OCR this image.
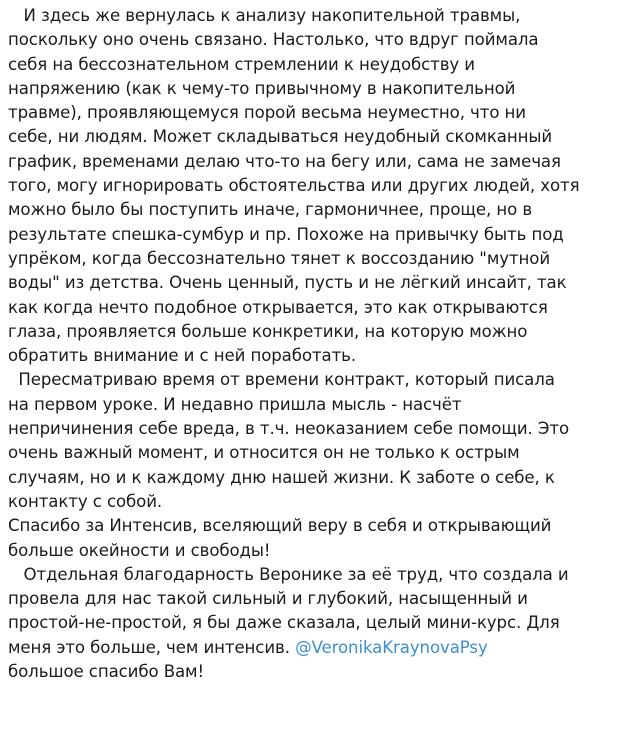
И здесь же вернулась к анализу накопительной травмы,
поскольку оно очень связано. Настолько, что вдруг поймала
себя на бессознательном стремлении к неудобству и
напряжению (как к чему-то привычному в накопительной
травме), проявляющемуся порой весьма неуместно, что ни
себе, ни людям. Может складываться неудобный скомканный
график, временами делаю что-то на бегу или, сама не замечая
того, могу игнорировать обстоятельства или других людей, хотя
можно было бы поступить иначе, гармоничнее, проще, но в
результате спешка-сумбур и пр. Похоже на привычку быть под
упрёком, когда бессознательно тянет к воссозданию "мутной
воды" из детства. Очень ценный, пусть и не лёгкий инсайт, так
как когда нечто подобное открывается, это как открываются
глаза, проявляется больше конкретики, на которую можно
обратить внимание и с ней поработать.
Пересматриваю время от времени контракт, который писала
на первом уроке. И недавно пришла мысль - насчёт
непричинения себе вреда, в т.ч. неоказанием себе помощи. Это
очень важный момент, и относится он не только к острым
случаям, но и к каждому дню нашей жизни. К заботе о себе, к
контакту с собой.
Спасибо за Интенсив, вселяющий веру в себя и открывающий
больше окейности и свободы!
Отдельная благодарность Веронике за её труд, что создала и
провела для нас такой сильный и глубокий, насыщенный и
простой-не-простой, я бы даже сказала, целый мини-курс. Для
меня это больше, чем интенсив. @VeronikaKraynovaPsy
большое спасибо Вам!
